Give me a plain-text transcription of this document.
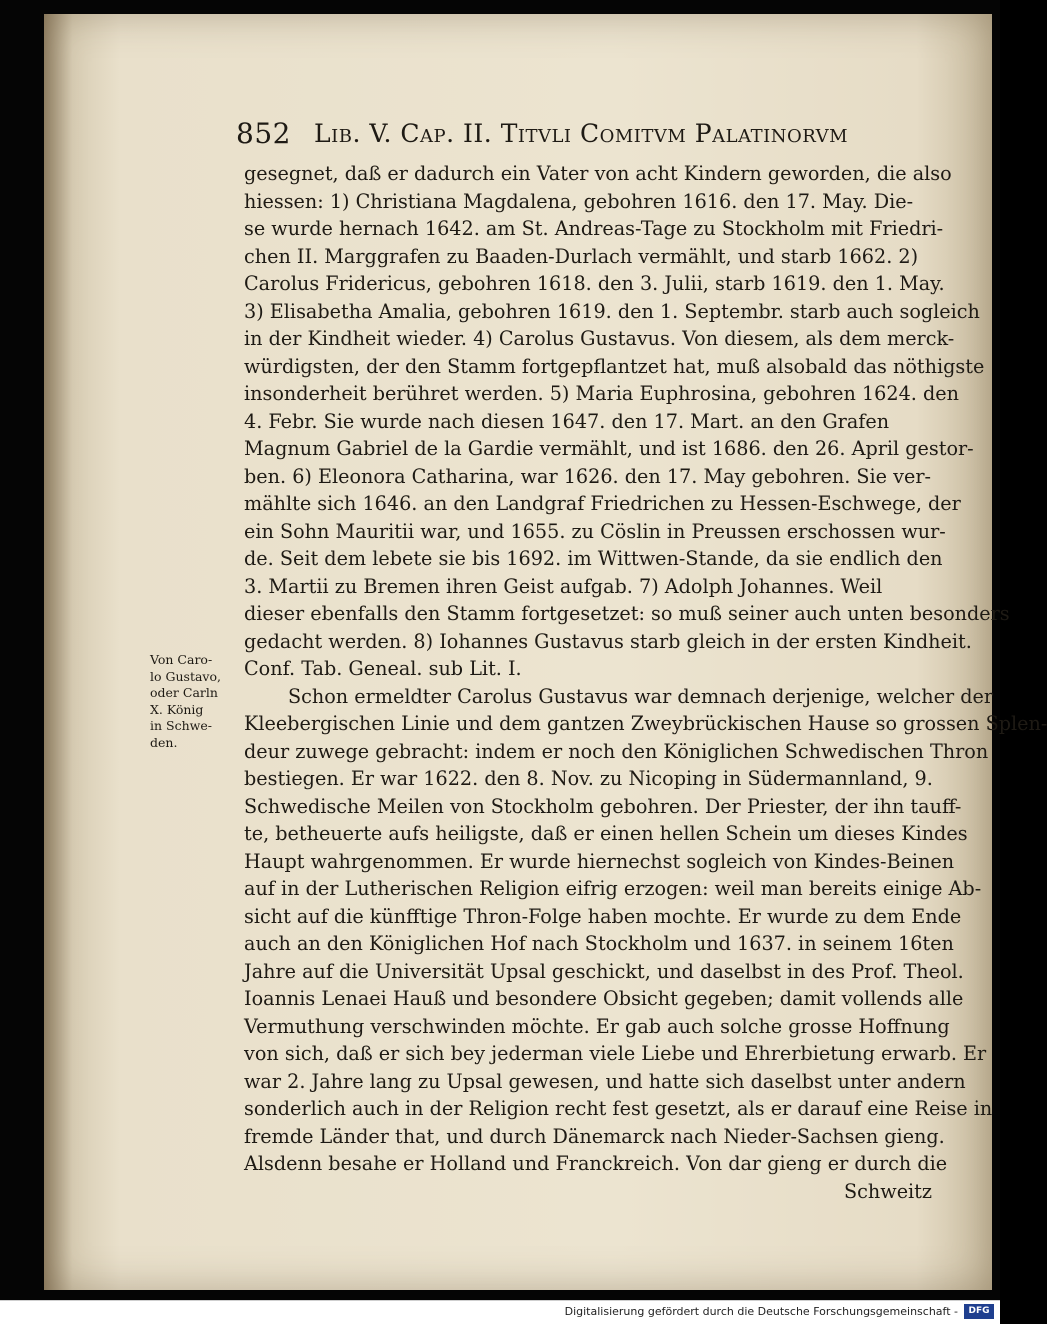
852 Lib. V. Cap. II. Titvli Comitvm Palatinorvm
Von Caro-
lo Gustavo,
oder Carln
X. König
in Schwe-
den.
gesegnet, daß er dadurch ein Vater von acht Kindern geworden, die also
hiessen: 1) Christiana Magdalena, gebohren 1616. den 17. May. Die-
se wurde hernach 1642. am St. Andreas-Tage zu Stockholm mit Friedri-
chen II. Marggrafen zu Baaden-Durlach vermählt, und starb 1662. 2)
Carolus Fridericus, gebohren 1618. den 3. Julii, starb 1619. den 1. May.
3) Elisabetha Amalia, gebohren 1619. den 1. Septembr. starb auch sogleich
in der Kindheit wieder. 4) Carolus Gustavus. Von diesem, als dem merck-
würdigsten, der den Stamm fortgepflantzet hat, muß alsobald das nöthigste
insonderheit berühret werden. 5) Maria Euphrosina, gebohren 1624. den
4. Febr. Sie wurde nach diesen 1647. den 17. Mart. an den Grafen
Magnum Gabriel de la Gardie vermählt, und ist 1686. den 26. April gestor-
ben. 6) Eleonora Catharina, war 1626. den 17. May gebohren. Sie ver-
mählte sich 1646. an den Landgraf Friedrichen zu Hessen-Eschwege, der
ein Sohn Mauritii war, und 1655. zu Cöslin in Preussen erschossen wur-
de. Seit dem lebete sie bis 1692. im Wittwen-Stande, da sie endlich den
3. Martii zu Bremen ihren Geist aufgab. 7) Adolph Johannes. Weil
dieser ebenfalls den Stamm fortgesetzet: so muß seiner auch unten besonders
gedacht werden. 8) Iohannes Gustavus starb gleich in der ersten Kindheit.
Conf. Tab. Geneal. sub Lit. I.
Schon ermeldter Carolus Gustavus war demnach derjenige, welcher der
Kleebergischen Linie und dem gantzen Zweybrückischen Hause so grossen Splen-
deur zuwege gebracht: indem er noch den Königlichen Schwedischen Thron
bestiegen. Er war 1622. den 8. Nov. zu Nicoping in Südermannland, 9.
Schwedische Meilen von Stockholm gebohren. Der Priester, der ihn tauff-
te, betheuerte aufs heiligste, daß er einen hellen Schein um dieses Kindes
Haupt wahrgenommen. Er wurde hiernechst sogleich von Kindes-Beinen
auf in der Lutherischen Religion eifrig erzogen: weil man bereits einige Ab-
sicht auf die künfftige Thron-Folge haben mochte. Er wurde zu dem Ende
auch an den Königlichen Hof nach Stockholm und 1637. in seinem 16ten
Jahre auf die Universität Upsal geschickt, und daselbst in des Prof. Theol.
Ioannis Lenaei Hauß und besondere Obsicht gegeben; damit vollends alle
Vermuthung verschwinden möchte. Er gab auch solche grosse Hoffnung
von sich, daß er sich bey jederman viele Liebe und Ehrerbietung erwarb. Er
war 2. Jahre lang zu Upsal gewesen, und hatte sich daselbst unter andern
sonderlich auch in der Religion recht fest gesetzt, als er darauf eine Reise in
fremde Länder that, und durch Dänemarck nach Nieder-Sachsen gieng.
Alsdenn besahe er Holland und Franckreich. Von dar gieng er durch die
Schweitz
Digitalisierung gefördert durch die Deutsche Forschungsgemeinschaft -	DFG
